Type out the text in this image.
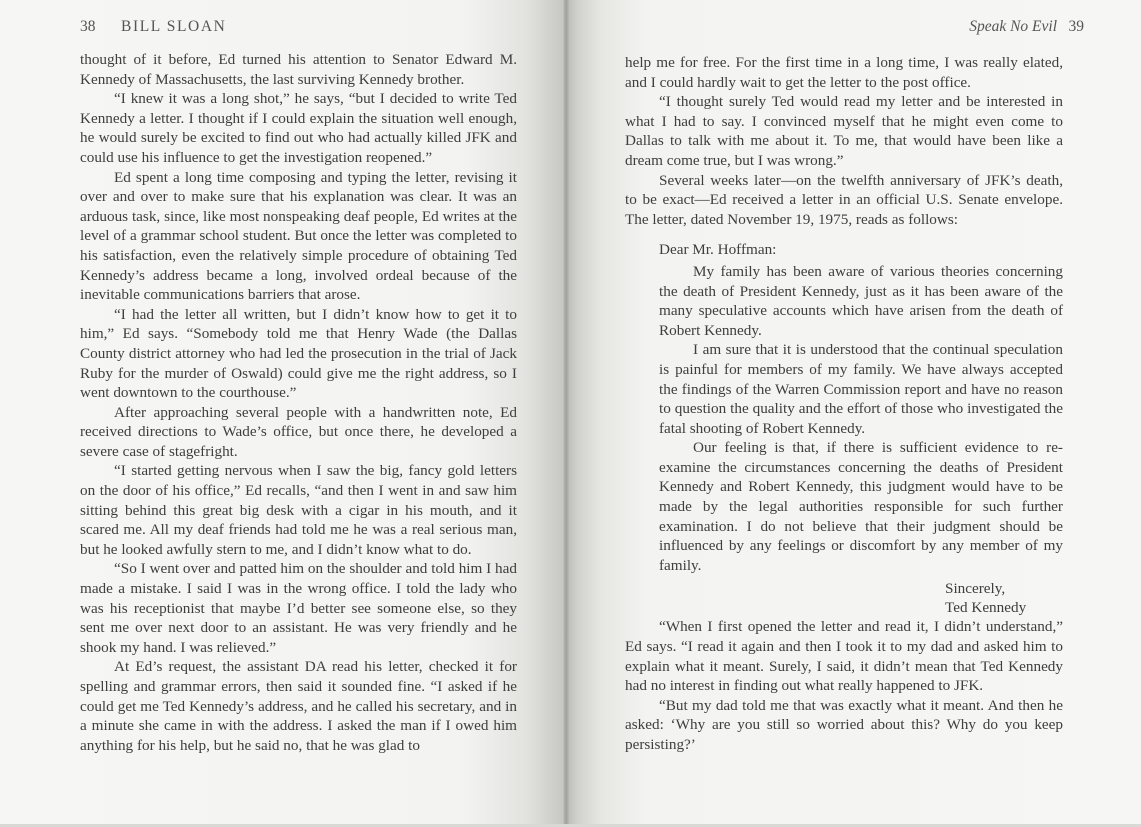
38 BILL SLOAN

thought of it before, Ed turned his attention to Senator Edward M. Kennedy of Massachusetts, the last surviving Kennedy brother.

“I knew it was a long shot,” he says, “but I decided to write Ted Kennedy a letter. I thought if I could explain the situation well enough, he would surely be excited to find out who had actually killed JFK and could use his influence to get the investigation reopened.”

Ed spent a long time composing and typing the letter, revising it over and over to make sure that his explanation was clear. It was an arduous task, since, like most nonspeaking deaf people, Ed writes at the level of a grammar school student. But once the letter was completed to his satisfaction, even the relatively simple procedure of obtaining Ted Kennedy’s address became a long, involved ordeal because of the inevitable communications barriers that arose.

“I had the letter all written, but I didn’t know how to get it to him,” Ed says. “Somebody told me that Henry Wade (the Dallas County district attorney who had led the prosecution in the trial of Jack Ruby for the murder of Oswald) could give me the right address, so I went downtown to the courthouse.”

After approaching several people with a handwritten note, Ed received directions to Wade’s office, but once there, he developed a severe case of stagefright.

“I started getting nervous when I saw the big, fancy gold letters on the door of his office,” Ed recalls, “and then I went in and saw him sitting behind this great big desk with a cigar in his mouth, and it scared me. All my deaf friends had told me he was a real serious man, but he looked awfully stern to me, and I didn’t know what to do.

“So I went over and patted him on the shoulder and told him I had made a mistake. I said I was in the wrong office. I told the lady who was his receptionist that maybe I’d better see someone else, so they sent me over next door to an assistant. He was very friendly and he shook my hand. I was relieved.”

At Ed’s request, the assistant DA read his letter, checked it for spelling and grammar errors, then said it sounded fine. “I asked if he could get me Ted Kennedy’s address, and he called his secretary, and in a minute she came in with the address. I asked the man if I owed him anything for his help, but he said no, that he was glad to

Speak No Evil 39

help me for free. For the first time in a long time, I was really elated, and I could hardly wait to get the letter to the post office.

“I thought surely Ted would read my letter and be interested in what I had to say. I convinced myself that he might even come to Dallas to talk with me about it. To me, that would have been like a dream come true, but I was wrong.”

Several weeks later—on the twelfth anniversary of JFK’s death, to be exact—Ed received a letter in an official U.S. Senate envelope. The letter, dated November 19, 1975, reads as follows:

Dear Mr. Hoffman:

My family has been aware of various theories concerning the death of President Kennedy, just as it has been aware of the many speculative accounts which have arisen from the death of Robert Kennedy.

I am sure that it is understood that the continual speculation is painful for members of my family. We have always accepted the findings of the Warren Commission report and have no reason to question the quality and the effort of those who investigated the fatal shooting of Robert Kennedy.

Our feeling is that, if there is sufficient evidence to re-examine the circumstances concerning the deaths of President Kennedy and Robert Kennedy, this judgment would have to be made by the legal authorities responsible for such further examination. I do not believe that their judgment should be influenced by any feelings or discomfort by any member of my family.

Sincerely,
Ted Kennedy

“When I first opened the letter and read it, I didn’t understand,” Ed says. “I read it again and then I took it to my dad and asked him to explain what it meant. Surely, I said, it didn’t mean that Ted Kennedy had no interest in finding out what really happened to JFK.

“But my dad told me that was exactly what it meant. And then he asked: ‘Why are you still so worried about this? Why do you keep persisting?’
